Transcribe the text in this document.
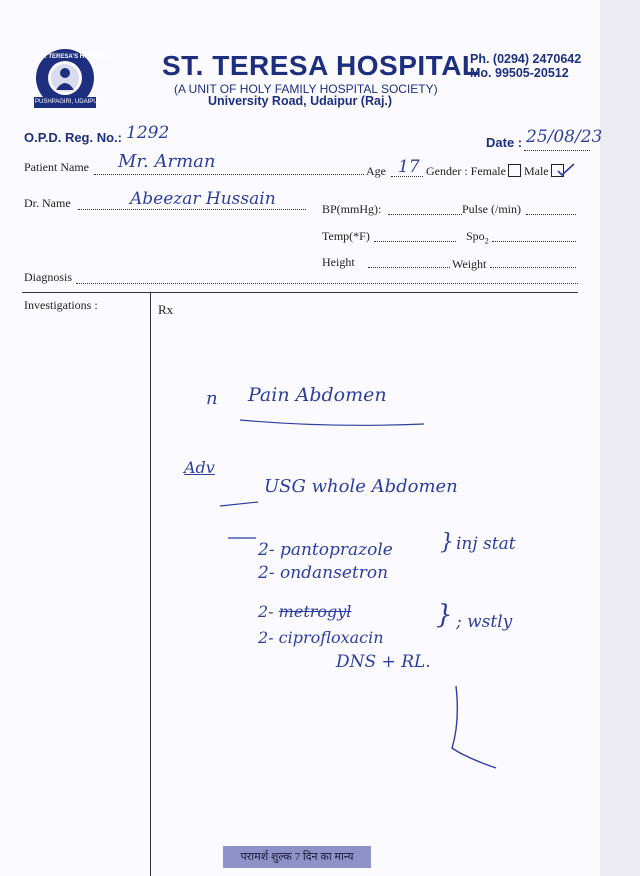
ST. TERESA'S HOSPITAL
PUSHPAGIRI, UDAIPUR
ST. TERESA HOSPITAL
(A UNIT OF HOLY FAMILY HOSPITAL SOCIETY)
University Road, Udaipur (Raj.)
Ph. (0294) 2470642
Mo. 99505-20512
O.P.D. Reg. No.: 1292	Date : 25/08/23
Patient Name Mr. Arman	Age 17 Gender : Female Male
Dr. Name	Abeezar Hussain	BP(mmHg):	Pulse (/min)
Temp(*F)	Spo$_2$
Height	Weight
Diagnosis
Investigations :	Rx
n Pain Abdomen
Adv
USG whole Abdomen
2- pantoprazole
2- ondansetron
} inj stat
2- metrogyl
2- ciprofloxacin
} ; wstly
DNS + RL.
परामर्श शुल्क 7 दिन का मान्य
